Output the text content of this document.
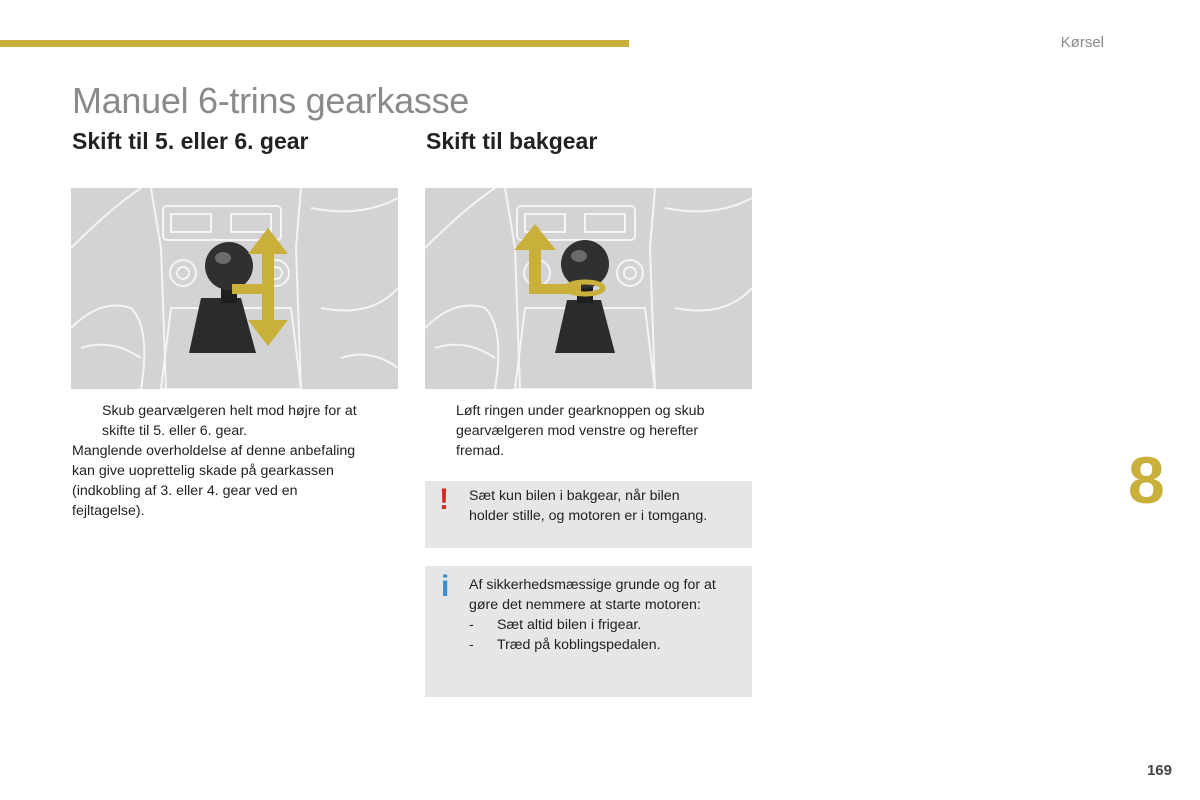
Kørsel
Manuel 6-trins gearkasse
Skift til 5. eller 6. gear	Skift til bakgear
Skub gearvælgeren helt mod højre for at
skifte til 5. eller 6. gear.
Manglende overholdelse af denne anbefaling
kan give uoprettelig skade på gearkassen
(indkobling af 3. eller 4. gear ved en
fejltagelse).
Løft ringen under gearknoppen og skub
gearvælgeren mod venstre og herefter
fremad.
! Sæt kun bilen i bakgear, når bilen
holder stille, og motoren er i tomgang.
i Af sikkerhedsmæssige grunde og for at
gøre det nemmere at starte motoren:
-	Sæt altid bilen i frigear.
-	Træd på koblingspedalen.
8
169
